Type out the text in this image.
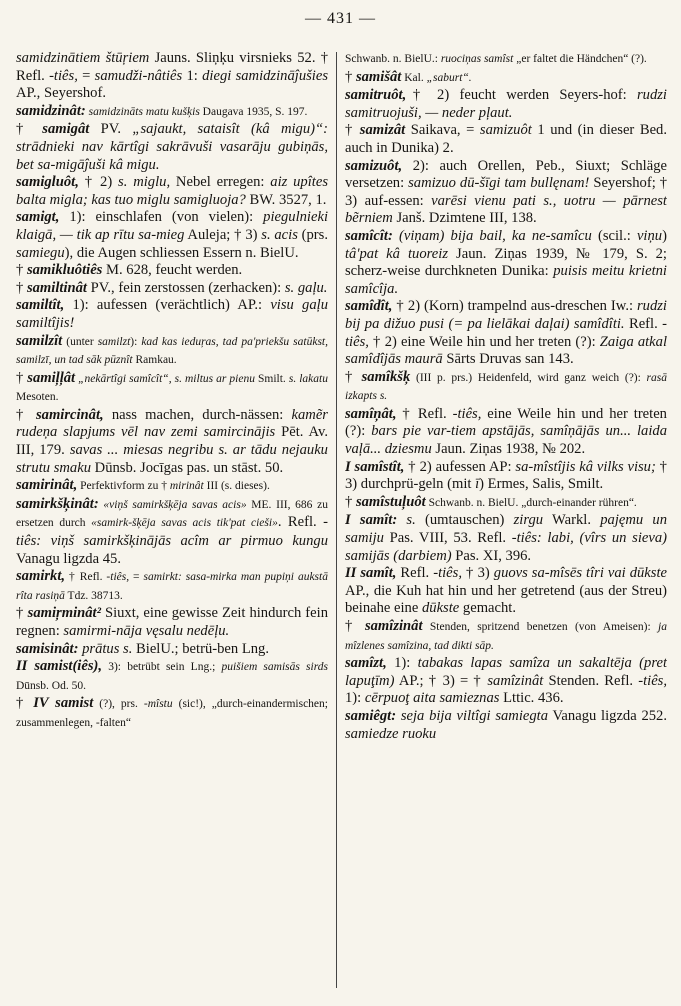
— 431 —

samidzinātiem štūŗiem Jauns. Sliņķu virsnieks 52. † Refl. -tiês, = samudži-nâtiês 1: diegi samidzināĵušies AP., Seyershof.

samidzinât: samidzināts matu kušķis Daugava 1935, S. 197.

† samigât PV. „sajaukt, sataisît (kâ migu)“: strādnieki nav kārtîgi sakrāvuši vasarāju gubiņās, bet sa-migāĵuši kâ migu.

samigluôt, † 2) s. miglu, Nebel erregen: aiz upîtes balta migla; kas tuo miglu samigluoja? BW. 3527, 1.

samigt, 1): einschlafen (von vielen): piegulnieki klaigā, — tik ap rītu sa-mieg Auleja; † 3) s. acis (prs. samiegu), die Augen schliessen Essern n. BielU.

† samikluôtiês M. 628, feucht werden.

† samiltinât PV., fein zerstossen (zerhacken): s. gaļu.

samiltît, 1): aufessen (verächtlich) AP.: visu gaļu samiltîjis!

samilzît (unter samilzt): kad kas ieduŗas, tad pa'priekšu satūkst, samilzī, un tad sāk pūznît Ramkau.

† samiļļât „nekārtîgi samîcît“, s. miltus ar pienu Smilt. s. lakatu Mesoten.

† samircinât, nass machen, durch-nässen: kamẽr rudeņa slapjums vēl nav zemi samircinājis Pēt. Av. III, 179. savas ... miesas negribu s. ar tādu nejauku strutu smaku Dūnsb. Jocīgas pas. un stāst. 50.

samirinât, Perfektivform zu † mirinât III (s. dieses).

samirkšķinât: «viņš samirkšķēja savas acis» ME. III, 686 zu ersetzen durch «samirk-šķēja savas acis tik'pat cieši». Refl. -tiês: viņš samirkšķinājās acîm ar pirmuo kungu Vanagu ligzda 45.

samirkt, † Refl. -tiês, = samirkt: sasa-mirka man pupiņi aukstā rîta rasiņā Tdz. 38713.

† samiŗminât² Siuxt, eine gewisse Zeit hindurch fein regnen: samirmi-nāja vęsalu nedēļu.

samisinât: prātus s. BielU.; betrü-ben Lng.

II samist(iês), 3): betrübt sein Lng.; puišiem samisās sirds Dūnsb. Od. 50.

† IV samist (?), prs. -mîstu (sic!), „durch-einandermischen; zusammenlegen, -falten“

Schwanb. n. BielU.: ruociņas samîst „er faltet die Händchen“ (?).

† samišât Kal. „saburt“.

samitruôt,† 2) feucht werden Seyers-hof: rudzi samitruojuši, — neder pļaut.

† samizât Saikava, = samizuôt 1 und (in dieser Bed. auch in Dunika) 2.

samizuôt, 2): auch Orellen, Peb., Siuxt; Schläge versetzen: samizuo dū-šīgi tam bullęnam! Seyershof; † 3) auf-essen: varēsi vienu pati s., uotru — pārnest bẽrniem Janš. Dzimtene III, 138.

samîcît: (viņam) bija bail, ka ne-samîcu (scil.: viņu) tâ'pat kâ tuoreiz Jaun. Ziņas 1939, № 179, S. 2; scherz-weise durchkneten Dunika: puisis meitu krietni samîcîja.

samîdît, † 2) (Korn) trampelnd aus-dreschen Iw.: rudzi bij pa dižuo pusi (= pa lielākai daļai) samîdîti. Refl. -tiês, † 2) eine Weile hin und her treten (?): Zaiga atkal samîdîjās maurā Sārts Druvas san 143.

† samîkšķ (III p. prs.) Heidenfeld, wird ganz weich (?): rasā izkapts s.

samîņât, † Refl. -tiês, eine Weile hin und her treten (?): bars pie var-tiem apstājās, samîņājās un... laida vaļā... dziesmu Jaun. Ziņas 1938, № 202.

I samîstît, † 2) aufessen AP: sa-mîstîjis kâ vilks visu; † 3) durchprü-geln (mit ī) Ermes, Salis, Smilt.

† samîstuļuôt Schwanb. n. BielU. „durch-einander rühren“.

I samît: s. (umtauschen) zirgu Warkl. pajęmu un samiju Pas. VIII, 53. Refl. -tiês: labi, (vîrs un sieva) samijās (darbiem) Pas. XI, 396.

II samît, Refl. -tiês, † 3) guovs sa-mîsēs tîri vai dūkste AP., die Kuh hat hin und her getretend (aus der Streu) beinahe eine dūkste gemacht.

† samîzinât Stenden, spritzend benetzen (von Ameisen): ja mîzlenes samîzina, tad dikti sāp.

samîzt, 1): tabakas lapas samîza un sakaltēja (pret lapuţīm) AP.; † 3) = † samîzinât Stenden. Refl. -tiês, 1): cērpuoţ aita samieznas Lttic. 436.

samiêgt: seja bija viltîgi samiegta Vanagu ligzda 252. samiedze ruoku
